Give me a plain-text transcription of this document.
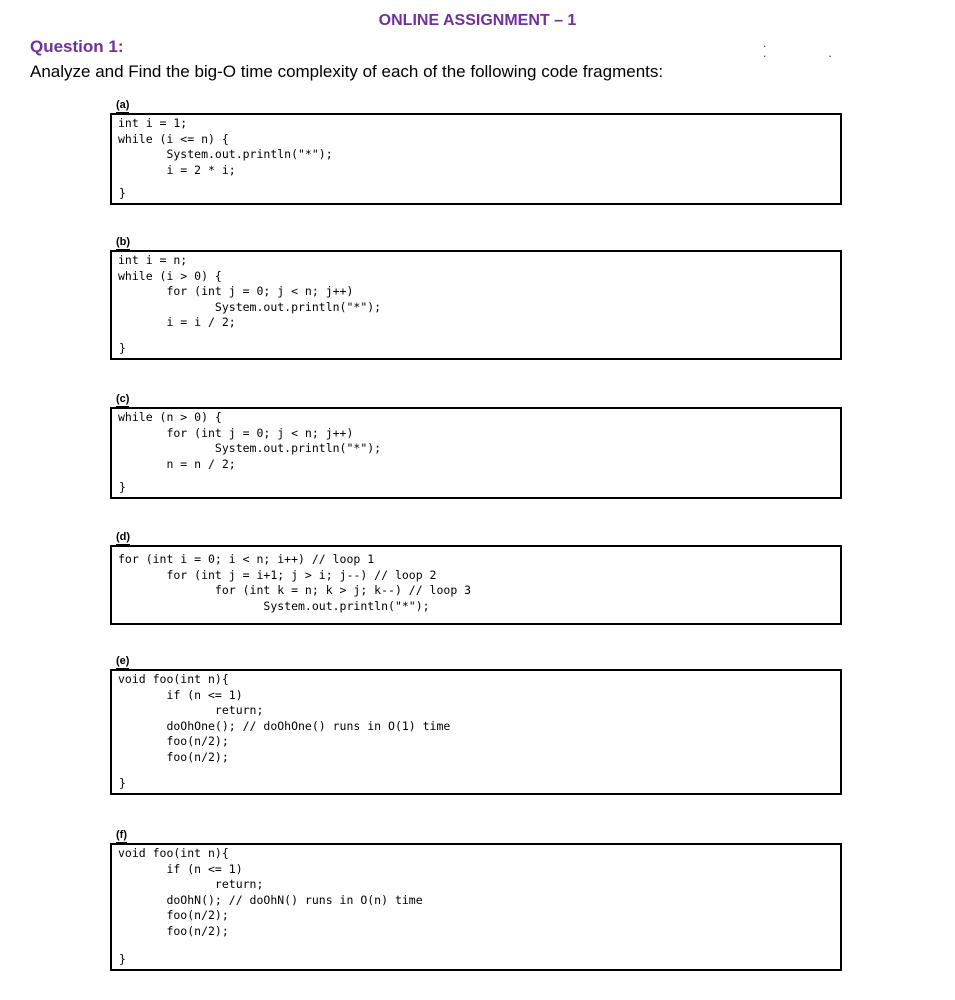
ONLINE ASSIGNMENT – 1
. ..
Question 1:
Analyze and Find the big-O time complexity of each of the following code fragments:
(a)
int i = 1;
while (i <= n) {
System.out.println("*");
i = 2 * i;
}
(b)
int i = n;
while (i > 0) {
for (int j = 0; j < n; j++)
System.out.println("*");
i = i / 2;
}
(c)
while (n > 0) {
for (int j = 0; j < n; j++)
System.out.println("*");
n = n / 2;
}
(d)
for (int i = 0; i < n; i++) // loop 1
for (int j = i+1; j > i; j--) // loop 2
for (int k = n; k > j; k--) // loop 3
System.out.println("*");
(e)
void foo(int n){
if (n <= 1)
return;
doOhOne(); // doOhOne() runs in O(1) time
foo(n/2);
foo(n/2);
}
(f)
void foo(int n){
if (n <= 1)
return;
doOhN(); // doOhN() runs in O(n) time
foo(n/2);
foo(n/2);
}
